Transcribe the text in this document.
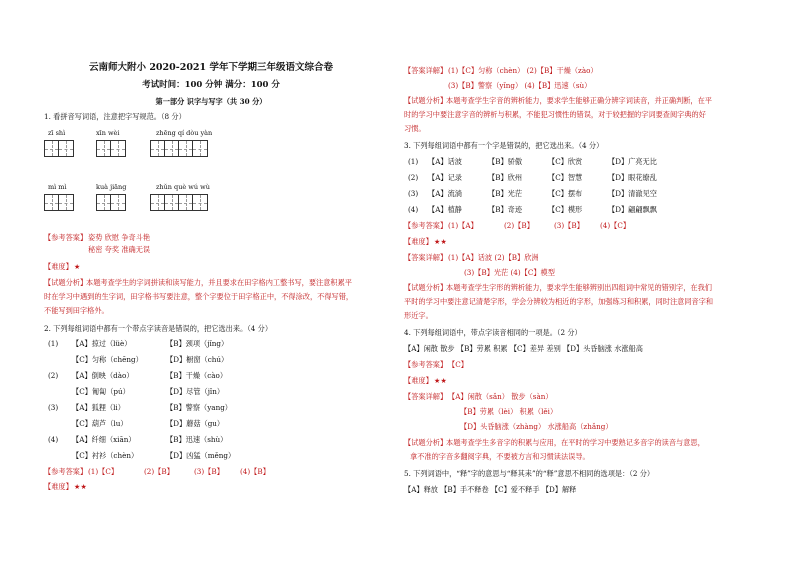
云南师大附小 2020-2021 学年下学期三年级语文综合卷
考试时间：100 分钟 满分：100 分
第一部分 识字与写字（共 30 分）
1. 看拼音写词语，注意把字写规范。（8 分）
zī shì	xīn wèi	zhēng qí dòu yàn
mì mì	kuà jiāng	zhǔn què wú wù
【参考答案】 姿势 欣慰 争奇斗艳
秘密 夸奖 准确无误
【难度】 ★
【试题分析】
本题考查学生的字词拼读和读写能力，并且要求在田字格内工整书写，要注意积累平
时在学习中遇到的生字词，田字格书写要注意，整个字要位于田字格正中，不得涂改，不得写错，
不能写到田字格外。
2. 下列每组词语中都有一个带点字读音是错误的，把它选出来。（4 分）
(1) 【A】掠过（lüè）	【B】颈项（jǐng）
【C】匀称（chēng）	【D】橱窗（chú）
(2) 【A】倒映（dào）	【B】干燥（cào）
【C】匍匐（pú）	【D】尽管（jǐn）
(3) 【A】狐狸（li）	【B】警察（yang）
【C】葫芦（lu）	【D】蘑菇（gu）
(4) 【A】纤细（xiān）	【B】迅速（shù）
【C】衬衫（chèn）	【D】凶猛（měng）
【参考答案】 (1)【C】	(2)【B】	(3)【B】 (4)【B】
【难度】 ★★
【答案详解】 (1)【C】匀称（chèn） (2)【B】干燥（zào）
(3)【B】警察（yǐng） (4)【B】迅速（sù）
【试题分析】
本题考查学生字音的辨析能力，要求学生能够正确分辨字词读音，并正确判断，在平
时的学习中要注意字音的辨析与积累，不能犯习惯性的错误，对于较把握的字词要查阅字典的好
习惯。
3. 下列每组词语中都有一个字是错误的，把它选出来。（4 分）
(1) 【A】话波	【B】骄傲	【C】欣赏	【D】广亮无比
(2) 【A】记录	【B】欣州	【C】智慧	【D】眼花缭乱
(3) 【A】流淌	【B】光茫	【C】摆布	【D】清澈见空
(4) 【A】植静	【B】奇迹	【C】模形	【D】翩翩飘飘
【参考答案】 (1)【A】	(2)【B】	(3)【B】 (4)【C】
【难度】 ★★
【答案详解】 (1)【A】话波 (2)【B】欣洲
(3)【B】光茫 (4)【C】模型
【试题分析】
本题考查学生字形的辨析能力，要求学生能够辨别出四组词中常见的错别字，在我们
平时的学习中要注意记清楚字形，学会分辨较为相近的字形，加强练习和积累，同时注意同音字和
形近字。
4. 下列每组词语中，带点字读音相同的一项是。（2 分）
【A】闲散 散步 【B】劳累 积累 【C】差异 差别 【D】头昏脑涨 水涨船高
【参考答案】 【C】
【难度】 ★★
【答案详解】 【A】闲散（sǎn） 散步（sàn）
【B】劳累（lèi） 积累（lěi）
【D】头昏脑涨（zhàng） 水涨船高（zhǎng）
【试题分析】
本题考查学生多音字的积累与应用，在平时的学习中要熟记多音字的读音与意思，
拿不准的字音多翻阅字典，不要被方言和习惯读法误导。
5. 下列词语中，“释”字的意思与“释其耒”的“释”意思不相同的选项是：（2 分）
【A】释放 【B】手不释卷 【C】爱不释手 【D】解释
